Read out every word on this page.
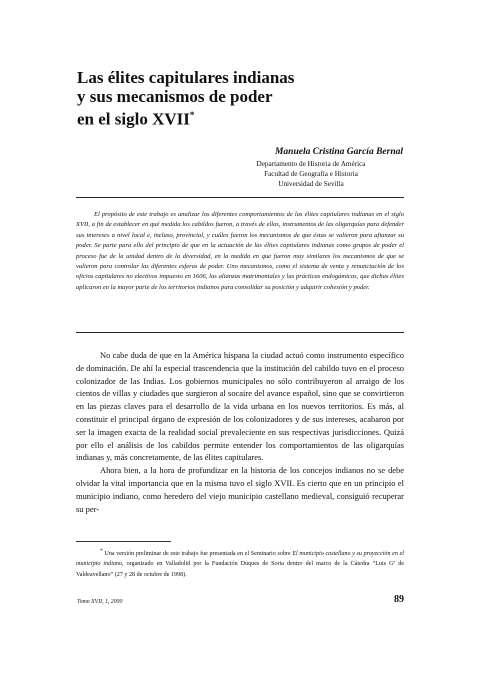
Las élites capitulares indianas
y sus mecanismos de poder
en el siglo XVII*
Manuela Cristina García Bernal
Departamento de Historia de América
Facultad de Geografía e Historia
Universidad de Sevilla
El propósito de este trabajo es analizar los diferentes comportamientos de las élites capitulares indianas en el siglo XVII, a fin de establecer en qué medida los cabildos fueron, a través de ellas, instrumentos de las oligarquías para defender sus intereses a nivel local e, incluso, provincial, y cuáles fueron los mecanismos de que éstas se valieron para afianzar su poder. Se parte para ello del principio de que en la actuación de las élites capitulares indianas como grupos de poder el proceso fue de la unidad dentro de la diversidad, en la medida en que fueron muy similares los mecanismos de que se valieron para controlar las diferentes esferas de poder. Uno mecanismos, como el sistema de venta y renunciación de los oficios capitulares no electivos impuesto en 1606, las alianzas matrimoniales y las prácticas endogámicas, que dichas élites aplicaron en la mayor parte de los territorios indianos para consolidar su posición y adquirir cohesión y poder.

No cabe duda de que en la América hispana la ciudad actuó como instrumento específico de dominación. De ahí la especial trascendencia que la institución del cabildo tuvo en el proceso colonizador de las Indias. Los gobiernos municipales no sólo contribuyeron al arraigo de los cientos de villas y ciudades que surgieron al socaire del avance español, sino que se convirtieron en las piezas claves para el desarrollo de la vida urbana en los nuevos territorios. Es más, al constituir el principal órgano de expresión de los colonizadores y de sus intereses, acabaron por ser la imagen exacta de la realidad social prevaleciente en sus respectivas jurisdicciones. Quizá por ello el análisis de los cabildos permite entender los comportamientos de las oligarquías indianas y, más concretamente, de las élites capitulares.

Ahora bien, a la hora de profundizar en la historia de los concejos indianos no se debe olvidar la vital importancia que en la misma tuvo el siglo XVII. Es cierto que en un principio el municipio indiano, como heredero del viejo municipio castellano medieval, consiguió recuperar su per-

* Una versión preliminar de este trabajo fue presentada en el Seminario sobre El municipio castellano y su proyección en el municipio indiano, organizado en Valladolid por la Fundación Duques de Soria dentro del marco de la Cátedra “Luis Gª de Valdeavellano” (27 y 28 de octubre de 1998).
Tomo XVII, 1, 2000	89
